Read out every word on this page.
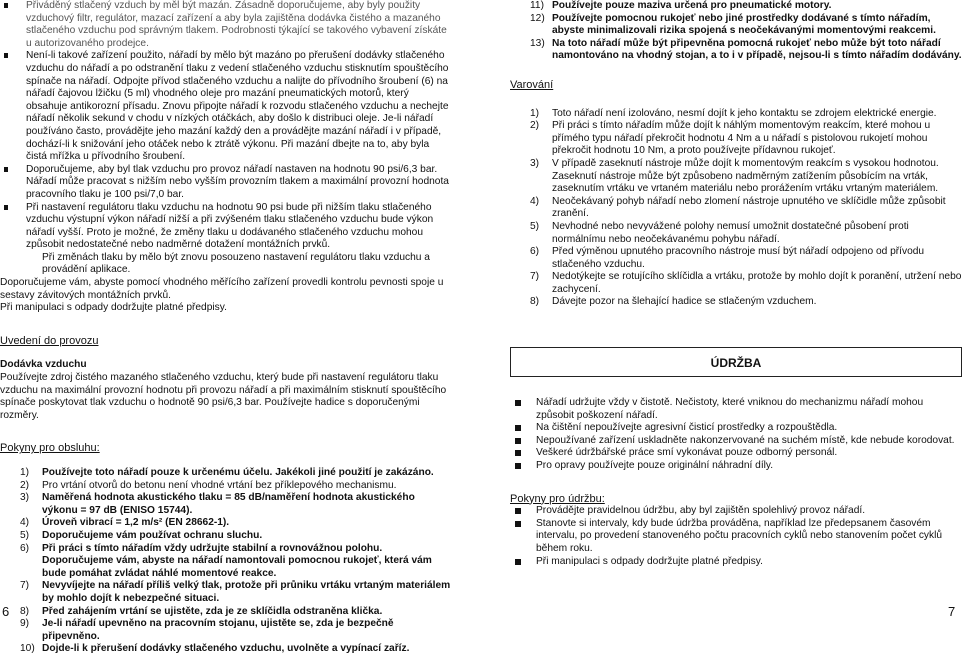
Přiváděný stlačený vzduch by měl být mazán. Zásadně doporučujeme, aby byly použity vzduchový filtr, regulátor, mazací zařízení a aby byla zajištěna dodávka čistého a mazaného stlačeného vzduchu pod správným tlakem. Podrobnosti týkající se takového vybavení získáte u autorizovaného prodejce.

Není-li takové zařízení použito, nářadí by mělo být mazáno po přerušení dodávky stlačeného vzduchu do nářadí a po odstranění tlaku z vedení stlačeného vzduchu stisknutím spouštěcího spínače na nářadí. Odpojte přívod stlačeného vzduchu a nalijte do přívodního šroubení (6) na nářadí čajovou lžičku (5 ml) vhodného oleje pro mazání pneumatických motorů, který obsahuje antikorozní přísadu. Znovu připojte nářadí k rozvodu stlačeného vzduchu a nechejte nářadí několik sekund v chodu v nízkých otáčkách, aby došlo k distribuci oleje. Je-li nářadí používáno často, provádějte jeho mazání každý den a provádějte mazání nářadí i v případě, dochází-li k snižování jeho otáček nebo k ztrátě výkonu. Při mazání dbejte na to, aby byla čistá mřížka u přívodního šroubení.

Doporučujeme, aby byl tlak vzduchu pro provoz nářadí nastaven na hodnotu 90 psi/6,3 bar. Nářadí může pracovat s nižším nebo vyšším provozním tlakem a maximální provozní hodnota pracovního tlaku je 100 psi/7,0 bar.

Při nastavení regulátoru tlaku vzduchu na hodnotu 90 psi bude při nižším tlaku stlačeného vzduchu výstupní výkon nářadí nižší a při zvýšeném tlaku stlačeného vzduchu bude výkon nářadí vyšší. Proto je možné, že změny tlaku u dodávaného stlačeného vzduchu mohou způsobit nedostatečné nebo nadměrné dotažení montážních prvků.

Při změnách tlaku by mělo být znovu posouzeno nastavení regulátoru tlaku vzduchu a provádění aplikace.

Doporučujeme vám, abyste pomocí vhodného měřícího zařízení provedli kontrolu pevnosti spoje u sestavy závitových montážních prvků.

Při manipulaci s odpady dodržujte platné předpisy.

Uvedení do provozu

Dodávka vzduchu

Používejte zdroj čistého mazaného stlačeného vzduchu, který bude při nastavení regulátoru tlaku vzduchu na maximální provozní hodnotu při provozu nářadí a při maximálním stisknutí spouštěcího spínače poskytovat tlak vzduchu o hodnotě 90 psi/6,3 bar. Používejte hadice s doporučenými rozměry.

Pokyny pro obsluhu:

1) Používejte toto nářadí pouze k určenému účelu. Jakékoli jiné použití je zakázáno.

2) Pro vrtání otvorů do betonu není vhodné vrtání bez příklepového mechanismu.

3) Naměřená hodnota akustického tlaku = 85 dB/naměření hodnota akustického výkonu = 97 dB (ENISO 15744).

4) Úroveň vibrací = 1,2 m/s² (EN 28662-1).

5) Doporučujeme vám používat ochranu sluchu.

6) Při práci s tímto nářadím vždy udržujte stabilní a rovnovážnou polohu. Doporučujeme vám, abyste na nářadí namontovali pomocnou rukojeť, která vám bude pomáhat zvládat náhlé momentové reakce.

7) Nevyvíjejte na nářadí příliš velký tlak, protože při průniku vrtáku vrtaným materiálem by mohlo dojít k nebezpečné situaci.

8) Před zahájením vrtání se ujistěte, zda je ze sklíčidla odstraněna klička.

9) Je-li nářadí upevněno na pracovním stojanu, ujistěte se, zda je bezpečně připevněno.

10) Dojde-li k přerušení dodávky stlačeného vzduchu, uvolněte a vypínací zaříz.

11) Používejte pouze maziva určená pro pneumatické motory.

12) Používejte pomocnou rukojeť nebo jiné prostředky dodávané s tímto nářadím, abyste minimalizovali rizika spojená s neočekávanými momentovými reakcemi.

13) Na toto nářadí může být připevněna pomocná rukojeť nebo může být toto nářadí namontováno na vhodný stojan, a to i v případě, nejsou-li s tímto nářadím dodávány.

Varování

1) Toto nářadí není izolováno, nesmí dojít k jeho kontaktu se zdrojem elektrické energie.

2) Při práci s tímto nářadím může dojít k náhlým momentovým reakcím, které mohou u přímého typu nářadí překročit hodnotu 4 Nm a u nářadí s pistolovou rukojetí mohou překročit hodnotu 10 Nm, a proto používejte přídavnou rukojeť.

3) V případě zaseknutí nástroje může dojít k momentovým reakcím s vysokou hodnotou. Zaseknutí nástroje může být způsobeno nadměrným zatížením působícím na vrták, zaseknutím vrtáku ve vrtaném materiálu nebo prorážením vrtáku vrtaným materiálem.

4) Neočekávaný pohyb nářadí nebo zlomení nástroje upnutého ve sklíčidle může způsobit zranění.

5) Nevhodné nebo nevyvážené polohy nemusí umožnit dostatečné působení proti normálnímu nebo neočekávanému pohybu nářadí.

6) Před výměnou upnutého pracovního nástroje musí být nářadí odpojeno od přívodu stlačeného vzduchu.

7) Nedotýkejte se rotujícího sklíčidla a vrtáku, protože by mohlo dojít k poranění, utržení nebo zachycení.

8) Dávejte pozor na šlehající hadice se stlačeným vzduchem.

ÚDRŽBA

Nářadí udržujte vždy v čistotě. Nečistoty, které vniknou do mechanizmu nářadí mohou způsobit poškození nářadí.

Na čištění nepoužívejte agresivní čisticí prostředky a rozpouštědla.

Nepoužívané zařízení uskladněte nakonzervované na suchém místě, kde nebude korodovat.

Veškeré údržbářské práce smí vykonávat pouze odborný personál.

Pro opravy používejte pouze originální náhradní díly.

Pokyny pro údržbu:

Provádějte pravidelnou údržbu, aby byl zajištěn spolehlivý provoz nářadí.

Stanovte si intervaly, kdy bude údržba prováděna, například lze předepsanem časovém intervalu, po provedení stanoveného počtu pracovních cyklů nebo stanovením počet cyklů během roku.

Při manipulaci s odpady dodržujte platné předpisy.

6	7
